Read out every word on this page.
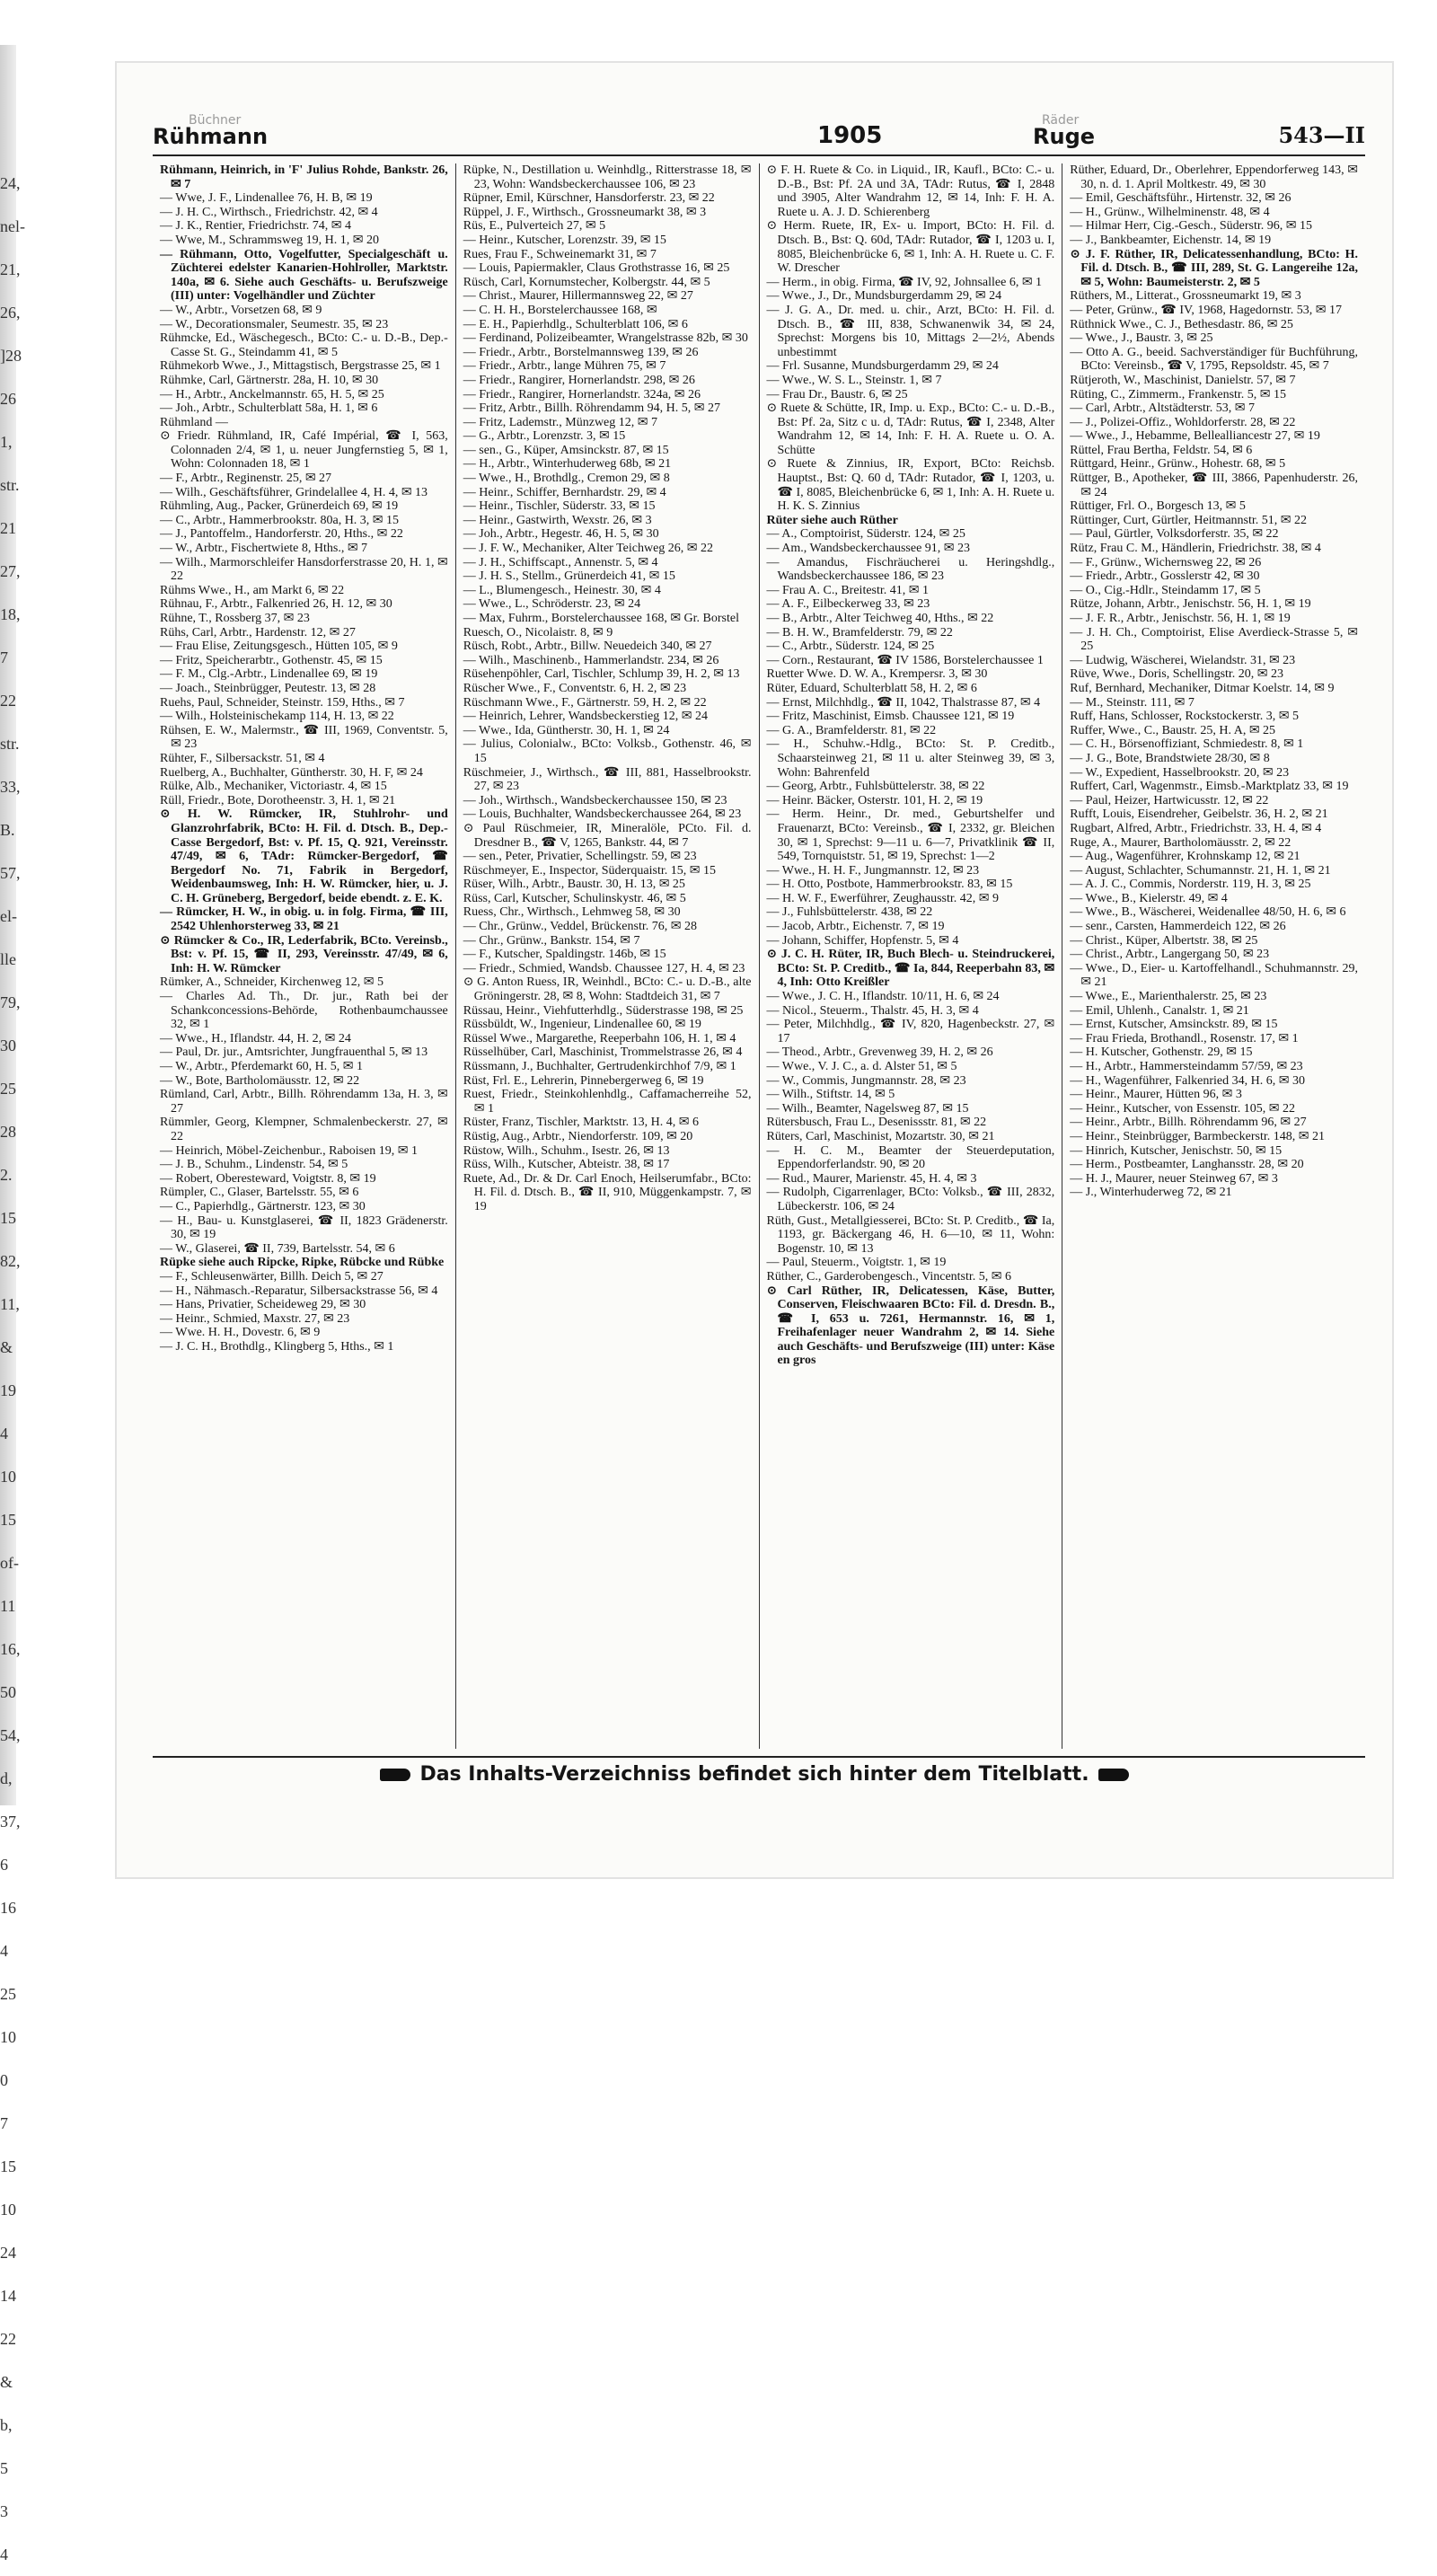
24,
nel-
21,
26,
]28
26
1,
str.
21
27,
18,
7
22
str.
33,
B.
57,
el-
lle
79,
30
25
28
2.
15
82,
11,
&
19
4
10
15
of-
11
16,
50
54,
d,
37,
6
16
4
25
10
0
7
15
10
24
14
22
&
b,
5
3
4
Büchner
Rühmann	1905
Räder
Ruge	543—II

Rühmann, Heinrich, in 'F' Julius Rohde, Bankstr. 26, ✉ 7

— Wwe, J. F., Lindenallee 76, H. B, ✉ 19

— J. H. C., Wirthsch., Friedrichstr. 42, ✉ 4

— J. K., Rentier, Friedrichstr. 74, ✉ 4

— Wwe, M., Schrammsweg 19, H. 1, ✉ 20

— Rühmann, Otto, Vogelfutter, Specialgeschäft u. Züchterei edelster Kanarien-Hohlroller, Marktstr. 140a, ✉ 6. Siehe auch Geschäfts- u. Berufszweige (III) unter: Vogelhändler und Züchter

— W., Arbtr., Vorsetzen 68, ✉ 9

— W., Decorationsmaler, Seumestr. 35, ✉ 23

Rühmcke, Ed., Wäschegesch., BCto: C.- u. D.-B., Dep.-Casse St. G., Steindamm 41, ✉ 5

Rühmekorb Wwe., J., Mittagstisch, Bergstrasse 25, ✉ 1

Rühmke, Carl, Gärtnerstr. 28a, H. 10, ✉ 30

— H., Arbtr., Anckelmannstr. 65, H. 5, ✉ 25

— Joh., Arbtr., Schulterblatt 58a, H. 1, ✉ 6

Rühmland —

⊙ Friedr. Rühmland, IR, Café Impérial, ☎ I, 563, Colonnaden 2/4, ✉ 1, u. neuer Jungfernstieg 5, ✉ 1, Wohn: Colonnaden 18, ✉ 1

— F., Arbtr., Reginenstr. 25, ✉ 27

— Wilh., Geschäftsführer, Grindelallee 4, H. 4, ✉ 13

Rühmling, Aug., Packer, Grünerdeich 69, ✉ 19

— C., Arbtr., Hammerbrookstr. 80a, H. 3, ✉ 15

— J., Pantoffelm., Handorferstr. 20, Hths., ✉ 22

— W., Arbtr., Fischertwiete 8, Hths., ✉ 7

— Wilh., Marmorschleifer Hansdorferstrasse 20, H. 1, ✉ 22

Rühms Wwe., H., am Markt 6, ✉ 22

Rühnau, F., Arbtr., Falkenried 26, H. 12, ✉ 30

Rühne, T., Rossberg 37, ✉ 23

Rühs, Carl, Arbtr., Hardenstr. 12, ✉ 27

— Frau Elise, Zeitungsgesch., Hütten 105, ✉ 9

— Fritz, Speicherarbtr., Gothenstr. 45, ✉ 15

— F. M., Clg.-Arbtr., Lindenallee 69, ✉ 19

— Joach., Steinbrügger, Peutestr. 13, ✉ 28

Ruehs, Paul, Schneider, Steinstr. 159, Hths., ✉ 7

— Wilh., Holsteinischekamp 114, H. 13, ✉ 22

Rühsen, E. W., Malermstr., ☎ III, 1969, Conventstr. 5, ✉ 23

Rühter, F., Silbersackstr. 51, ✉ 4

Ruelberg, A., Buchhalter, Güntherstr. 30, H. F, ✉ 24

Rülke, Alb., Mechaniker, Victoriastr. 4, ✉ 15

Rüll, Friedr., Bote, Dorotheenstr. 3, H. 1, ✉ 21

⊙ H. W. Rümcker, IR, Stuhlrohr- und Glanzrohrfabrik, BCto: H. Fil. d. Dtsch. B., Dep.-Casse Bergedorf, Bst: v. Pf. 15, Q. 921, Vereinsstr. 47/49, ✉ 6, TAdr: Rümcker-Bergedorf, ☎ Bergedorf No. 71, Fabrik in Bergedorf, Weidenbaumsweg, Inh: H. W. Rümcker, hier, u. J. C. H. Grüneberg, Bergedorf, beide ebendt. z. E. K.

— Rümcker, H. W., in obig. u. in folg. Firma, ☎ III, 2542 Uhlenhorsterweg 33, ✉ 21

⊙ Rümcker & Co., IR, Lederfabrik, BCto. Vereinsb., Bst: v. Pf. 15, ☎ II, 293, Vereinsstr. 47/49, ✉ 6, Inh: H. W. Rümcker

Rümker, A., Schneider, Kirchenweg 12, ✉ 5

— Charles Ad. Th., Dr. jur., Rath bei der Schankconcessions-Behörde, Rothenbaumchaussee 32, ✉ 1

— Wwe., H., Iflandstr. 44, H. 2, ✉ 24

— Paul, Dr. jur., Amtsrichter, Jungfrauenthal 5, ✉ 13

— W., Arbtr., Pferdemarkt 60, H. 5, ✉ 1

— W., Bote, Bartholomäusstr. 12, ✉ 22

Rümland, Carl, Arbtr., Billh. Röhrendamm 13a, H. 3, ✉ 27

Rümmler, Georg, Klempner, Schmalenbeckerstr. 27, ✉ 22

— Heinrich, Möbel-Zeichenbur., Raboisen 19, ✉ 1

— J. B., Schuhm., Lindenstr. 54, ✉ 5

— Robert, Oberesteward, Voigtstr. 8, ✉ 19

Rümpler, C., Glaser, Bartelsstr. 55, ✉ 6

— C., Papierhdlg., Gärtnerstr. 123, ✉ 30

— H., Bau- u. Kunstglaserei, ☎ II, 1823 Grädenerstr. 30, ✉ 19

— W., Glaserei, ☎ II, 739, Bartelsstr. 54, ✉ 6

Rüpke siehe auch Ripcke, Ripke, Rübcke und Rübke

— F., Schleusenwärter, Billh. Deich 5, ✉ 27

— H., Nähmasch.-Reparatur, Silbersackstrasse 56, ✉ 4

— Hans, Privatier, Scheideweg 29, ✉ 30

— Heinr., Schmied, Maxstr. 27, ✉ 23

— Wwe. H. H., Dovestr. 6, ✉ 9

— J. C. H., Brothdlg., Klingberg 5, Hths., ✉ 1

Rüpke, N., Destillation u. Weinhdlg., Ritterstrasse 18, ✉ 23, Wohn: Wandsbeckerchaussee 106, ✉ 23

Rüpner, Emil, Kürschner, Hansdorferstr. 23, ✉ 22

Rüppel, J. F., Wirthsch., Grossneumarkt 38, ✉ 3

Rüs, E., Pulverteich 27, ✉ 5

— Heinr., Kutscher, Lorenzstr. 39, ✉ 15

Rues, Frau F., Schweinemarkt 31, ✉ 7

— Louis, Papiermakler, Claus Grothstrasse 16, ✉ 25

Rüsch, Carl, Kornumstecher, Kolbergstr. 44, ✉ 5

— Christ., Maurer, Hillermannsweg 22, ✉ 27

— C. H. H., Borstelerchaussee 168, ✉

— E. H., Papierhdlg., Schulterblatt 106, ✉ 6

— Ferdinand, Polizeibeamter, Wrangelstrasse 82b, ✉ 30

— Friedr., Arbtr., Borstelmannsweg 139, ✉ 26

— Friedr., Arbtr., lange Mühren 75, ✉ 7

— Friedr., Rangirer, Hornerlandstr. 298, ✉ 26

— Friedr., Rangirer, Hornerlandstr. 324a, ✉ 26

— Fritz, Arbtr., Billh. Röhrendamm 94, H. 5, ✉ 27

— Fritz, Lademstr., Münzweg 12, ✉ 7

— G., Arbtr., Lorenzstr. 3, ✉ 15

— sen., G., Küper, Amsinckstr. 87, ✉ 15

— H., Arbtr., Winterhuderweg 68b, ✉ 21

— Wwe., H., Brothdlg., Cremon 29, ✉ 8

— Heinr., Schiffer, Bernhardstr. 29, ✉ 4

— Heinr., Tischler, Süderstr. 33, ✉ 15

— Heinr., Gastwirth, Wexstr. 26, ✉ 3

— Joh., Arbtr., Hegestr. 46, H. 5, ✉ 30

— J. F. W., Mechaniker, Alter Teichweg 26, ✉ 22

— J. H., Schiffscapt., Annenstr. 5, ✉ 4

— J. H. S., Stellm., Grünerdeich 41, ✉ 15

— L., Blumengesch., Heinestr. 30, ✉ 4

— Wwe., L., Schröderstr. 23, ✉ 24

— Max, Fuhrm., Borstelerchaussee 168, ✉ Gr. Borstel

Ruesch, O., Nicolaistr. 8, ✉ 9

Rüsch, Robt., Arbtr., Billw. Neuedeich 340, ✉ 27

— Wilh., Maschinenb., Hammerlandstr. 234, ✉ 26

Rüsehenpöhler, Carl, Tischler, Schlump 39, H. 2, ✉ 13

Rüscher Wwe., F., Conventstr. 6, H. 2, ✉ 23

Rüschmann Wwe., F., Gärtnerstr. 59, H. 2, ✉ 22

— Heinrich, Lehrer, Wandsbeckerstieg 12, ✉ 24

— Wwe., Ida, Güntherstr. 30, H. 1, ✉ 24

— Julius, Colonialw., BCto: Volksb., Gothenstr. 46, ✉ 15

Rüschmeier, J., Wirthsch., ☎ III, 881, Hasselbrookstr. 27, ✉ 23

— Joh., Wirthsch., Wandsbeckerchaussee 150, ✉ 23

— Louis, Buchhalter, Wandsbeckerchaussee 264, ✉ 23

⊙ Paul Rüschmeier, IR, Mineralöle, PCto. Fil. d. Dresdner B., ☎ V, 1265, Bankstr. 44, ✉ 7

— sen., Peter, Privatier, Schellingstr. 59, ✉ 23

Rüschmeyer, E., Inspector, Süderquaistr. 15, ✉ 15

Rüser, Wilh., Arbtr., Baustr. 30, H. 13, ✉ 25

Rüss, Carl, Kutscher, Schulinskystr. 46, ✉ 5

Ruess, Chr., Wirthsch., Lehmweg 58, ✉ 30

— Chr., Grünw., Veddel, Brückenstr. 76, ✉ 28

— Chr., Grünw., Bankstr. 154, ✉ 7

— F., Kutscher, Spaldingstr. 146b, ✉ 15

— Friedr., Schmied, Wandsb. Chaussee 127, H. 4, ✉ 23

⊙ G. Anton Ruess, IR, Weinhdl., BCto: C.- u. D.-B., alte Gröningerstr. 28, ✉ 8, Wohn: Stadtdeich 31, ✉ 7

Rüssau, Heinr., Viehfutterhdlg., Süderstrasse 198, ✉ 25

Rüssbüldt, W., Ingenieur, Lindenallee 60, ✉ 19

Rüssel Wwe., Margarethe, Reeperbahn 106, H. 1, ✉ 4

Rüsselhüber, Carl, Maschinist, Trommelstrasse 26, ✉ 4

Rüssmann, J., Buchhalter, Gertrudenkirchhof 7/9, ✉ 1

Rüst, Frl. E., Lehrerin, Pinnebergerweg 6, ✉ 19

Ruest, Friedr., Steinkohlenhdlg., Caffamacherreihe 52, ✉ 1

Rüster, Franz, Tischler, Marktstr. 13, H. 4, ✉ 6

Rüstig, Aug., Arbtr., Niendorferstr. 109, ✉ 20

Rüstow, Wilh., Schuhm., Isestr. 26, ✉ 13

Rüss, Wilh., Kutscher, Abteistr. 38, ✉ 17

Ruete, Ad., Dr. & Dr. Carl Enoch, Heilserumfabr., BCto: H. Fil. d. Dtsch. B., ☎ II, 910, Müggenkampstr. 7, ✉ 19

⊙ F. H. Ruete & Co. in Liquid., IR, Kaufl., BCto: C.- u. D.-B., Bst: Pf. 2A und 3A, TAdr: Rutus, ☎ I, 2848 und 3905, Alter Wandrahm 12, ✉ 14, Inh: F. H. A. Ruete u. A. J. D. Schierenberg

⊙ Herm. Ruete, IR, Ex- u. Import, BCto: H. Fil. d. Dtsch. B., Bst: Q. 60d, TAdr: Rutador, ☎ I, 1203 u. I, 8085, Bleichenbrücke 6, ✉ 1, Inh: A. H. Ruete u. C. F. W. Drescher

— Herm., in obig. Firma, ☎ IV, 92, Johnsallee 6, ✉ 1

— Wwe., J., Dr., Mundsburgerdamm 29, ✉ 24

— J. G. A., Dr. med. u. chir., Arzt, BCto: H. Fil. d. Dtsch. B., ☎ III, 838, Schwanenwik 34, ✉ 24, Sprechst: Morgens bis 10, Mittags 2—2½, Abends unbestimmt

— Frl. Susanne, Mundsburgerdamm 29, ✉ 24

— Wwe., W. S. L., Steinstr. 1, ✉ 7

— Frau Dr., Baustr. 6, ✉ 25

⊙ Ruete & Schütte, IR, Imp. u. Exp., BCto: C.- u. D.-B., Bst: Pf. 2a, Sitz c u. d, TAdr: Rutus, ☎ I, 2348, Alter Wandrahm 12, ✉ 14, Inh: F. H. A. Ruete u. O. A. Schütte

⊙ Ruete & Zinnius, IR, Export, BCto: Reichsb. Hauptst., Bst: Q. 60 d, TAdr: Rutador, ☎ I, 1203, u. ☎ I, 8085, Bleichenbrücke 6, ✉ 1, Inh: A. H. Ruete u. H. K. S. Zinnius

Rüter siehe auch Rüther

— A., Comptoirist, Süderstr. 124, ✉ 25

— Am., Wandsbeckerchaussee 91, ✉ 23

— Amandus, Fischräucherei u. Heringshdlg., Wandsbeckerchaussee 186, ✉ 23

— Frau A. C., Breitestr. 41, ✉ 1

— A. F., Eilbeckerweg 33, ✉ 23

— B., Arbtr., Alter Teichweg 40, Hths., ✉ 22

— B. H. W., Bramfelderstr. 79, ✉ 22

— C., Arbtr., Süderstr. 124, ✉ 25

— Corn., Restaurant, ☎ IV 1586, Borstelerchaussee 1

Ruetter Wwe. D. W. A., Krempersr. 3, ✉ 30

Rüter, Eduard, Schulterblatt 58, H. 2, ✉ 6

— Ernst, Milchhdlg., ☎ II, 1042, Thalstrasse 87, ✉ 4

— Fritz, Maschinist, Eimsb. Chaussee 121, ✉ 19

— G. A., Bramfelderstr. 81, ✉ 22

— H., Schuhw.-Hdlg., BCto: St. P. Creditb., Schaarsteinweg 21, ✉ 11 u. alter Steinweg 39, ✉ 3, Wohn: Bahrenfeld

— Georg, Arbtr., Fuhlsbüttelerstr. 38, ✉ 22

— Heinr. Bäcker, Osterstr. 101, H. 2, ✉ 19

— Herm. Heinr., Dr. med., Geburtshelfer und Frauenarzt, BCto: Vereinsb., ☎ I, 2332, gr. Bleichen 30, ✉ 1, Sprechst: 9—11 u. 6—7, Privatklinik ☎ II, 549, Tornquiststr. 51, ✉ 19, Sprechst: 1—2

— Wwe., H. H. F., Jungmannstr. 12, ✉ 23

— H. Otto, Postbote, Hammerbrookstr. 83, ✉ 15

— H. W. F., Ewerführer, Zeughausstr. 42, ✉ 9

— J., Fuhlsbüttelerstr. 438, ✉ 22

— Jacob, Arbtr., Eichenstr. 7, ✉ 19

— Johann, Schiffer, Hopfenstr. 5, ✉ 4

⊙ J. C. H. Rüter, IR, Buch Blech- u. Steindruckerei, BCto: St. P. Creditb., ☎ Ia, 844, Reeperbahn 83, ✉ 4, Inh: Otto Kreißler

— Wwe., J. C. H., Iflandstr. 10/11, H. 6, ✉ 24

— Nicol., Steuerm., Thalstr. 45, H. 3, ✉ 4

— Peter, Milchhdlg., ☎ IV, 820, Hagenbeckstr. 27, ✉ 17

— Theod., Arbtr., Grevenweg 39, H. 2, ✉ 26

— Wwe., V. J. C., a. d. Alster 51, ✉ 5

— W., Commis, Jungmannstr. 28, ✉ 23

— Wilh., Stiftstr. 14, ✉ 5

— Wilh., Beamter, Nagelsweg 87, ✉ 15

Rütersbusch, Frau L., Desenissstr. 81, ✉ 22

Rüters, Carl, Maschinist, Mozartstr. 30, ✉ 21

— H. C. M., Beamter der Steuerdeputation, Eppendorferlandstr. 90, ✉ 20

— Rud., Maurer, Marienstr. 45, H. 4, ✉ 3

— Rudolph, Cigarrenlager, BCto: Volksb., ☎ III, 2832, Lübeckerstr. 106, ✉ 24

Rüth, Gust., Metallgiesserei, BCto: St. P. Creditb., ☎ Ia, 1193, gr. Bäckergang 46, H. 6—10, ✉ 11, Wohn: Bogenstr. 10, ✉ 13

— Paul, Steuerm., Voigtstr. 1, ✉ 19

Rüther, C., Garderobengesch., Vincentstr. 5, ✉ 6

⊙ Carl Rüther, IR, Delicatessen, Käse, Butter, Conserven, Fleischwaaren BCto: Fil. d. Dresdn. B., ☎ I, 653 u. 7261, Hermannstr. 16, ✉ 1, Freihafenlager neuer Wandrahm 2, ✉ 14. Siehe auch Geschäfts- und Berufszweige (III) unter: Käse en gros

Rüther, Eduard, Dr., Oberlehrer, Eppendorferweg 143, ✉ 30, n. d. 1. April Moltkestr. 49, ✉ 30

— Emil, Geschäftsführ., Hirtenstr. 32, ✉ 26

— H., Grünw., Wilhelminenstr. 48, ✉ 4

— Hilmar Herr, Cig.-Gesch., Süderstr. 96, ✉ 15

— J., Bankbeamter, Eichenstr. 14, ✉ 19

⊙ J. F. Rüther, IR, Delicatessenhandlung, BCto: H. Fil. d. Dtsch. B., ☎ III, 289, St. G. Langereihe 12a, ✉ 5, Wohn: Baumeisterstr. 2, ✉ 5

Rüthers, M., Litterat., Grossneumarkt 19, ✉ 3

— Peter, Grünw., ☎ IV, 1968, Hagedornstr. 53, ✉ 17

Rüthnick Wwe., C. J., Bethesdastr. 86, ✉ 25

— Wwe., J., Baustr. 3, ✉ 25

— Otto A. G., beeid. Sachverständiger für Buchführung, BCto: Vereinsb., ☎ V, 1795, Repsoldstr. 45, ✉ 7

Rütjeroth, W., Maschinist, Danielstr. 57, ✉ 7

Rüting, C., Zimmerm., Frankenstr. 5, ✉ 15

— Carl, Arbtr., Altstädterstr. 53, ✉ 7

— J., Polizei-Offiz., Wohldorferstr. 28, ✉ 22

— Wwe., J., Hebamme, Bellealliancestr 27, ✉ 19

Rüttel, Frau Bertha, Feldstr. 54, ✉ 6

Rüttgard, Heinr., Grünw., Hohestr. 68, ✉ 5

Rüttger, B., Apotheker, ☎ III, 3866, Papenhuderstr. 26, ✉ 24

Rüttiger, Frl. O., Borgesch 13, ✉ 5

Rüttinger, Curt, Gürtler, Heitmannstr. 51, ✉ 22

— Paul, Gürtler, Volksdorferstr. 35, ✉ 22

Rütz, Frau C. M., Händlerin, Friedrichstr. 38, ✉ 4

— F., Grünw., Wichernsweg 22, ✉ 26

— Friedr., Arbtr., Gosslerstr 42, ✉ 30

— O., Cig.-Hdlr., Steindamm 17, ✉ 5

Rütze, Johann, Arbtr., Jenischstr. 56, H. 1, ✉ 19

— J. F. R., Arbtr., Jenischstr. 56, H. 1, ✉ 19

— J. H. Ch., Comptoirist, Elise Averdieck-Strasse 5, ✉ 25

— Ludwig, Wäscherei, Wielandstr. 31, ✉ 23

Rüve, Wwe., Doris, Schellingstr. 20, ✉ 23

Ruf, Bernhard, Mechaniker, Ditmar Koelstr. 14, ✉ 9

— M., Steinstr. 111, ✉ 7

Ruff, Hans, Schlosser, Rockstockerstr. 3, ✉ 5

Ruffer, Wwe., C., Baustr. 25, H. A, ✉ 25

— C. H., Börsenoffiziant, Schmiedestr. 8, ✉ 1

— J. G., Bote, Brandstwiete 28/30, ✉ 8

— W., Expedient, Hasselbrookstr. 20, ✉ 23

Ruffert, Carl, Wagenmstr., Eimsb.-Marktplatz 33, ✉ 19

— Paul, Heizer, Hartwicusstr. 12, ✉ 22

Rufft, Louis, Eisendreher, Geibelstr. 36, H. 2, ✉ 21

Rugbart, Alfred, Arbtr., Friedrichstr. 33, H. 4, ✉ 4

Ruge, A., Maurer, Bartholomäusstr. 2, ✉ 22

— Aug., Wagenführer, Krohnskamp 12, ✉ 21

— August, Schlachter, Schumannstr. 21, H. 1, ✉ 21

— A. J. C., Commis, Norderstr. 119, H. 3, ✉ 25

— Wwe., B., Kielerstr. 49, ✉ 4

— Wwe., B., Wäscherei, Weidenallee 48/50, H. 6, ✉ 6

— senr., Carsten, Hammerdeich 122, ✉ 26

— Christ., Küper, Albertstr. 38, ✉ 25

— Christ., Arbtr., Langergang 50, ✉ 23

— Wwe., D., Eier- u. Kartoffelhandl., Schuhmannstr. 29, ✉ 21

— Wwe., E., Marienthalerstr. 25, ✉ 23

— Emil, Uhlenh., Canalstr. 1, ✉ 21

— Ernst, Kutscher, Amsinckstr. 89, ✉ 15

— Frau Frieda, Brothandl., Rosenstr. 17, ✉ 1

— H. Kutscher, Gothenstr. 29, ✉ 15

— H., Arbtr., Hammersteindamm 57/59, ✉ 23

— H., Wagenführer, Falkenried 34, H. 6, ✉ 30

— Heinr., Maurer, Hütten 96, ✉ 3

— Heinr., Kutscher, von Essenstr. 105, ✉ 22

— Heinr., Arbtr., Billh. Röhrendamm 96, ✉ 27

— Heinr., Steinbrügger, Barmbeckerstr. 148, ✉ 21

— Hinrich, Kutscher, Jenischstr. 50, ✉ 15

— Herm., Postbeamter, Langhansstr. 28, ✉ 20

— H. J., Maurer, neuer Steinweg 67, ✉ 3

— J., Winterhuderweg 72, ✉ 21

Das Inhalts-Verzeichniss befindet sich hinter dem Titelblatt.
